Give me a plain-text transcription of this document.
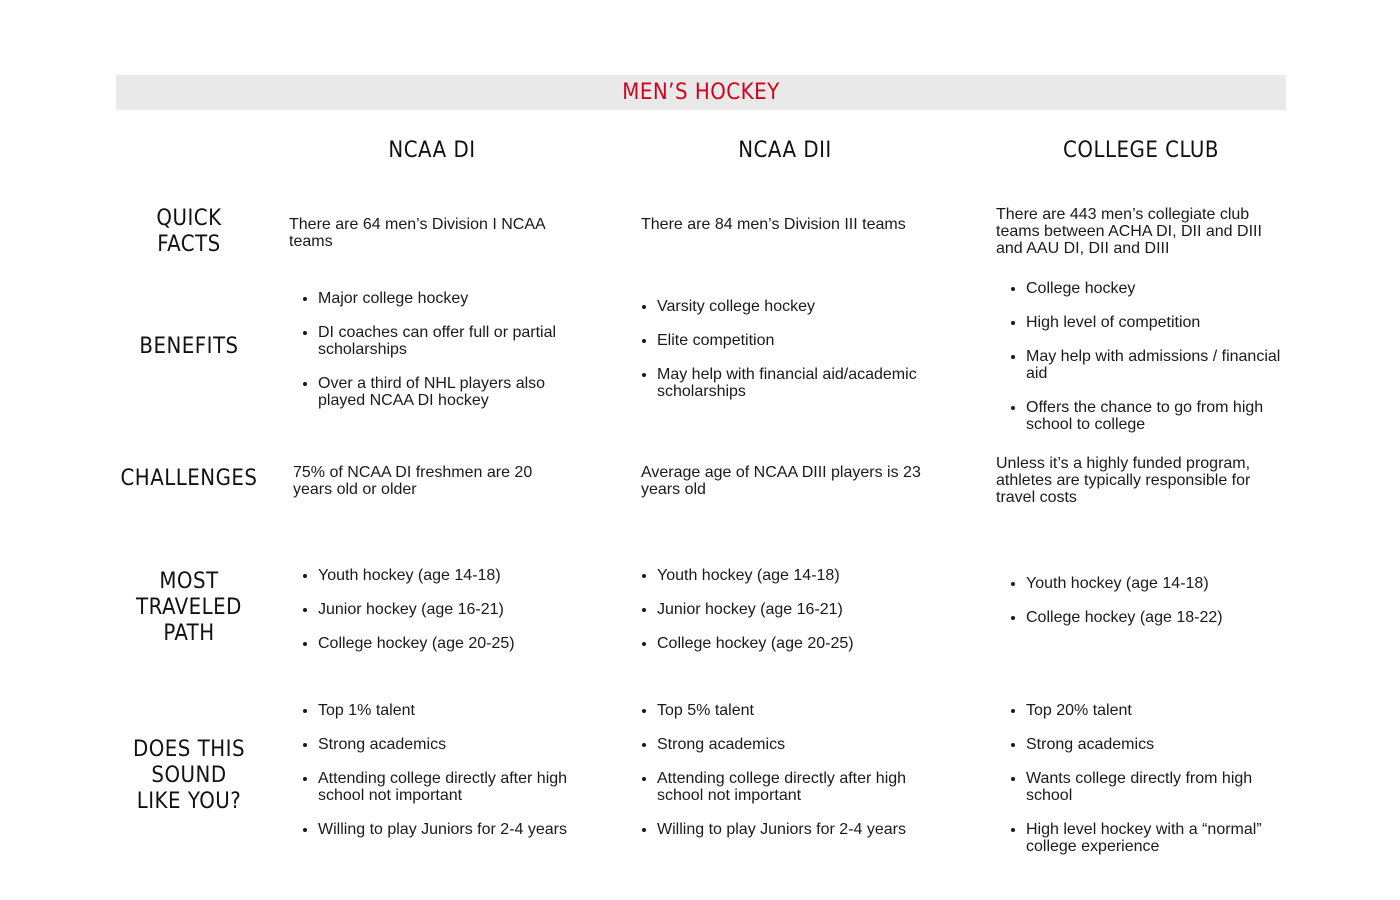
MEN’S HOCKEY
NCAA DI	NCAA DII	COLLEGE CLUB
QUICK FACTS
BENEFITS
CHALLENGES
MOST TRAVELED PATH
DOES THIS SOUND LIKE YOU?

There are 64 men’s Division I NCAA teams

There are 84 men’s Division III teams

There are 443 men’s collegiate club teams between ACHA DI, DII and DIII and AAU DI, DII and DIII

• Major college hockey
• DI coaches can offer full or partial scholarships
• Over a third of NHL players also played NCAA DI hockey
• Varsity college hockey
• Elite competition
• May help with financial aid/academic scholarships
• College hockey
• High level of competition
• May help with admissions / financial aid
• Offers the chance to go from high school to college

75% of NCAA DI freshmen are 20 years old or older

Average age of NCAA DIII players is 23 years old

Unless it’s a highly funded program, athletes are typically responsible for travel costs

• Youth hockey (age 14-18)
• Junior hockey (age 16-21)
• College hockey (age 20-25)
• Youth hockey (age 14-18)
• Junior hockey (age 16-21)
• College hockey (age 20-25)
• Youth hockey (age 14-18)
• College hockey (age 18-22)
• Top 1% talent
• Strong academics
• Attending college directly after high school not important
• Willing to play Juniors for 2-4 years
• Top 5% talent
• Strong academics
• Attending college directly after high school not important
• Willing to play Juniors for 2-4 years
• Top 20% talent
• Strong academics
• Wants college directly from high school
• High level hockey with a “normal” college experience
